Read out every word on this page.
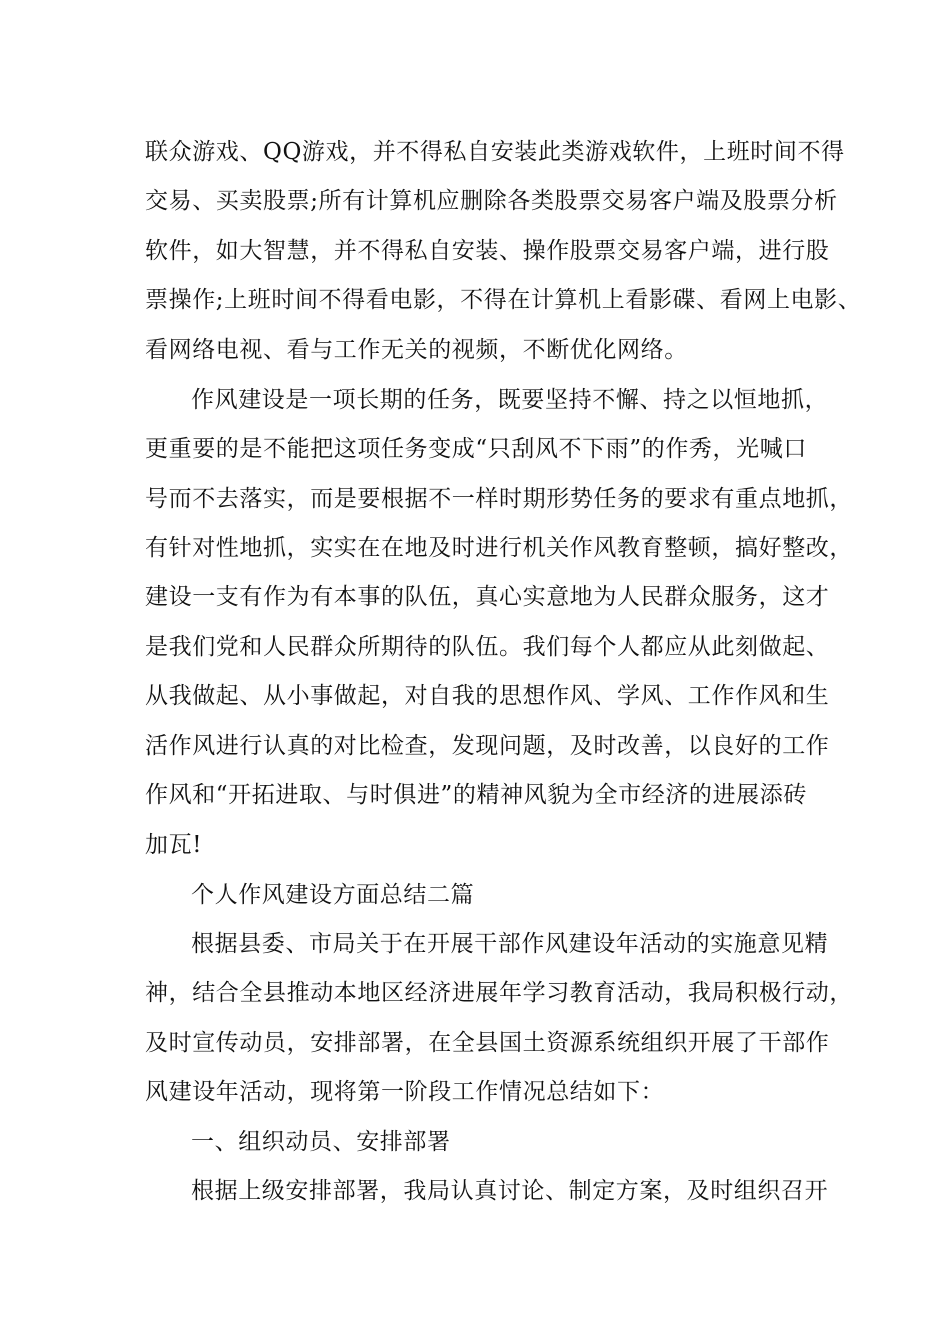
联众游戏、QQ游戏，并不得私自安装此类游戏软件，上班时间不得
交易、买卖股票;所有计算机应删除各类股票交易客户端及股票分析
软件，如大智慧，并不得私自安装、操作股票交易客户端，进行股
票操作;上班时间不得看电影，不得在计算机上看影碟、看网上电影、
看网络电视、看与工作无关的视频，不断优化网络。
作风建设是一项长期的任务，既要坚持不懈、持之以恒地抓，
更重要的是不能把这项任务变成“只刮风不下雨”的作秀，光喊口
号而不去落实，而是要根据不一样时期形势任务的要求有重点地抓，
有针对性地抓，实实在在地及时进行机关作风教育整顿，搞好整改，
建设一支有作为有本事的队伍，真心实意地为人民群众服务，这才
是我们党和人民群众所期待的队伍。我们每个人都应从此刻做起、
从我做起、从小事做起，对自我的思想作风、学风、工作作风和生
活作风进行认真的对比检查，发现问题，及时改善，以良好的工作
作风和“开拓进取、与时俱进”的精神风貌为全市经济的进展添砖
加瓦!
个人作风建设方面总结二篇
根据县委、市局关于在开展干部作风建设年活动的实施意见精
神，结合全县推动本地区经济进展年学习教育活动，我局积极行动，
及时宣传动员，安排部署，在全县国土资源系统组织开展了干部作
风建设年活动，现将第一阶段工作情况总结如下：
一、组织动员、安排部署
根据上级安排部署，我局认真讨论、制定方案，及时组织召开
